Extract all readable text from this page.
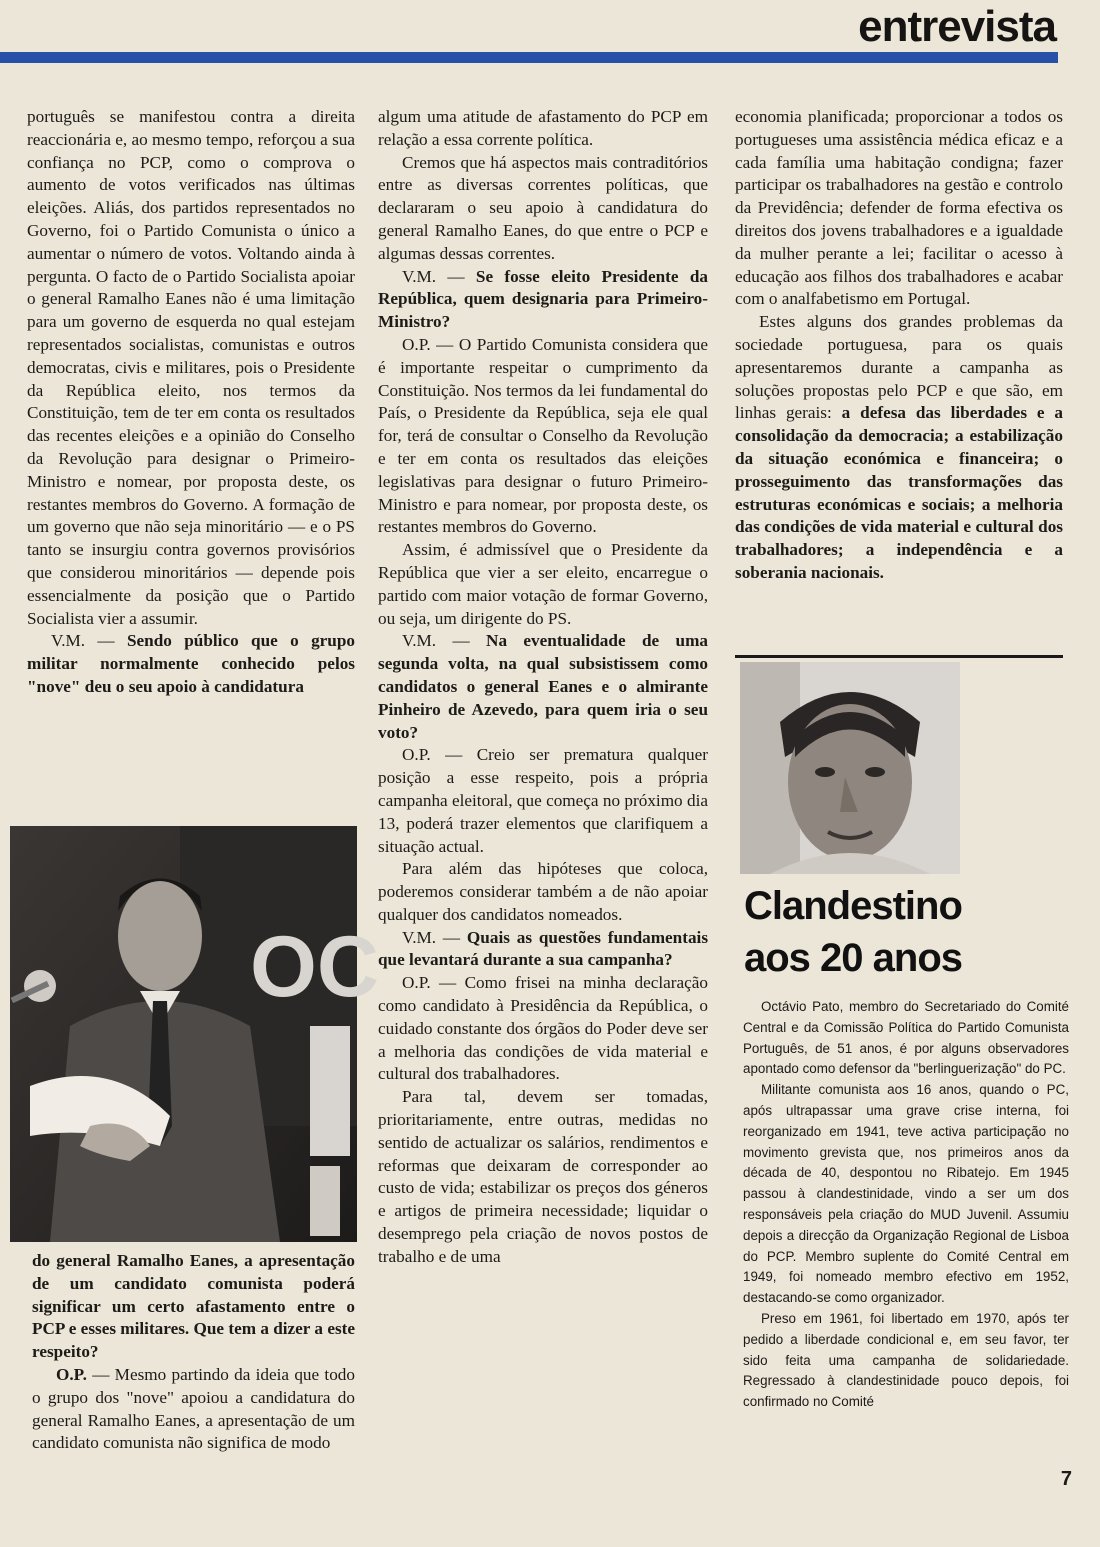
entrevista

português se manifestou contra a direita reaccionária e, ao mesmo tempo, reforçou a sua confiança no PCP, como o comprova o aumento de votos verificados nas últimas eleições. Aliás, dos partidos representados no Governo, foi o Partido Comunista o único a aumentar o número de votos. Voltando ainda à pergunta. O facto de o Partido Socialista apoiar o general Ramalho Eanes não é uma limitação para um governo de esquerda no qual estejam representados socialistas, comunistas e outros democratas, civis e militares, pois o Presidente da República eleito, nos termos da Constituição, tem de ter em conta os resultados das recentes eleições e a opinião do Conselho da Revolução para designar o Primeiro-Ministro e nomear, por proposta deste, os restantes membros do Governo. A formação de um governo que não seja minoritário — e o PS tanto se insurgiu contra governos provisórios que considerou minoritários — depende pois essencialmente da posição que o Partido Socialista vier a assumir.

V.M. — Sendo público que o grupo militar normalmente conhecido pelos "nove" deu o seu apoio à candidatura

do general Ramalho Eanes, a apresentação de um candidato comunista poderá significar um certo afastamento entre o PCP e esses militares. Que tem a dizer a este respeito?

O.P. — Mesmo partindo da ideia que todo o grupo dos "nove" apoiou a candidatura do general Ramalho Eanes, a apresentação de um candidato comunista não significa de modo

OC

algum uma atitude de afastamento do PCP em relação a essa corrente política.

Cremos que há aspectos mais contraditórios entre as diversas correntes políticas, que declararam o seu apoio à candidatura do general Ramalho Eanes, do que entre o PCP e algumas dessas correntes.

V.M. — Se fosse eleito Presidente da República, quem designaria para Primeiro-Ministro?

O.P. — O Partido Comunista considera que é importante respeitar o cumprimento da Constituição. Nos termos da lei fundamental do País, o Presidente da República, seja ele qual for, terá de consultar o Conselho da Revolução e ter em conta os resultados das eleições legislativas para designar o futuro Primeiro-Ministro e para nomear, por proposta deste, os restantes membros do Governo.

Assim, é admissível que o Presidente da República que vier a ser eleito, encarregue o partido com maior votação de formar Governo, ou seja, um dirigente do PS.

V.M. — Na eventualidade de uma segunda volta, na qual subsistissem como candidatos o general Eanes e o almirante Pinheiro de Azevedo, para quem iria o seu voto?

O.P. — Creio ser prematura qualquer posição a esse respeito, pois a própria campanha eleitoral, que começa no próximo dia 13, poderá trazer elementos que clarifiquem a situação actual.

Para além das hipóteses que coloca, poderemos considerar também a de não apoiar qualquer dos candidatos nomeados.

V.M. — Quais as questões fundamentais que levantará durante a sua campanha?

O.P. — Como frisei na minha declaração como candidato à Presidência da República, o cuidado constante dos órgãos do Poder deve ser a melhoria das condições de vida material e cultural dos trabalhadores.

Para tal, devem ser tomadas, prioritariamente, entre outras, medidas no sentido de actualizar os salários, rendimentos e reformas que deixaram de corresponder ao custo de vida; estabilizar os preços dos géneros e artigos de primeira necessidade; liquidar o desemprego pela criação de novos postos de trabalho e de uma

economia planificada; proporcionar a todos os portugueses uma assistência médica eficaz e a cada família uma habitação condigna; fazer participar os trabalhadores na gestão e controlo da Previdência; defender de forma efectiva os direitos dos jovens trabalhadores e a igualdade da mulher perante a lei; facilitar o acesso à educação aos filhos dos trabalhadores e acabar com o analfabetismo em Portugal.

Estes alguns dos grandes problemas da sociedade portuguesa, para os quais apresentaremos durante a campanha as soluções propostas pelo PCP e que são, em linhas gerais: a defesa das liberdades e a consolidação da democracia; a estabilização da situação económica e financeira; o prosseguimento das transformações das estruturas económicas e sociais; a melhoria das condições de vida material e cultural dos trabalhadores; a independência e a soberania nacionais.

Clandestino
aos 20 anos

Octávio Pato, membro do Secretariado do Comité Central e da Comissão Política do Partido Comunista Português, de 51 anos, é por alguns observadores apontado como defensor da "berlinguerização" do PC.

Militante comunista aos 16 anos, quando o PC, após ultrapassar uma grave crise interna, foi reorganizado em 1941, teve activa participação no movimento grevista que, nos primeiros anos da década de 40, despontou no Ribatejo. Em 1945 passou à clandestinidade, vindo a ser um dos responsáveis pela criação do MUD Juvenil. Assumiu depois a direcção da Organização Regional de Lisboa do PCP. Membro suplente do Comité Central em 1949, foi nomeado membro efectivo em 1952, destacando-se como organizador.

Preso em 1961, foi libertado em 1970, após ter pedido a liberdade condicional e, em seu favor, ter sido feita uma campanha de solidariedade. Regressado à clandestinidade pouco depois, foi confirmado no Comité

7
